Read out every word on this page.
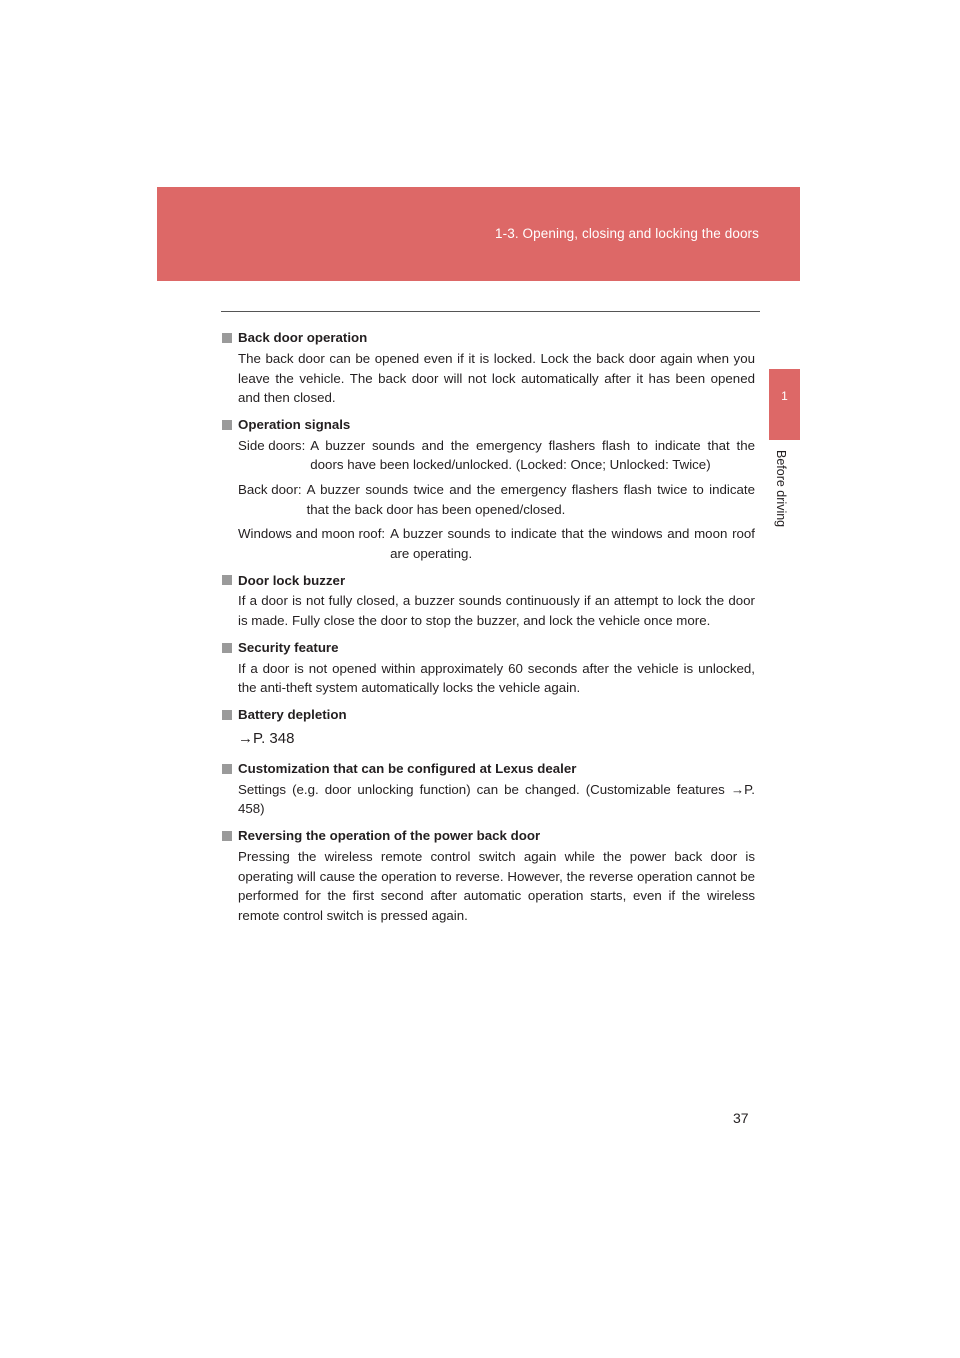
1-3. Opening, closing and locking the doors
1
Before driving
Back door operation
The back door can be opened even if it is locked. Lock the back door again when you leave the vehicle. The back door will not lock automatically after it has been opened and then closed.
Operation signals
Side doors: A buzzer sounds and the emergency flashers flash to indicate that the doors have been locked/unlocked. (Locked: Once; Unlocked: Twice)
Back door: A buzzer sounds twice and the emergency flashers flash twice to indicate that the back door has been opened/closed.
Windows and moon roof: A buzzer sounds to indicate that the windows and moon roof are operating.
Door lock buzzer
If a door is not fully closed, a buzzer sounds continuously if an attempt to lock the door is made. Fully close the door to stop the buzzer, and lock the vehicle once more.
Security feature
If a door is not opened within approximately 60 seconds after the vehicle is unlocked, the anti-theft system automatically locks the vehicle again.
Battery depletion
→P. 348
Customization that can be configured at Lexus dealer
Settings (e.g. door unlocking function) can be changed. (Customizable features →P. 458)
Reversing the operation of the power back door
Pressing the wireless remote control switch again while the power back door is operating will cause the operation to reverse. However, the reverse operation cannot be performed for the first second after automatic operation starts, even if the wireless remote control switch is pressed again.
37
